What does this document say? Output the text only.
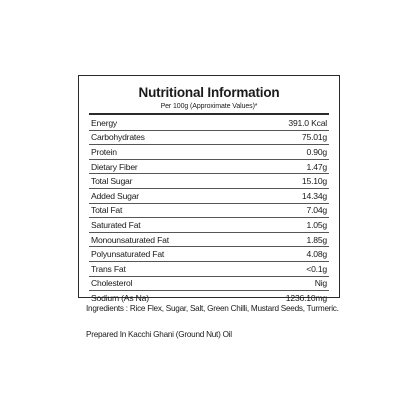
Nutritional Information
Per 100g (Approximate Values)*
Energy	391.0 Kcal
Carbohydrates	75.01g
Protein	0.90g
Dietary Fiber	1.47g
Total Sugar	15.10g
Added Sugar	14.34g
Total Fat	7.04g
Saturated Fat	1.05g
Monounsaturated Fat	1.85g
Polyunsaturated Fat	4.08g
Trans Fat	<0.1g
Cholesterol	Nig
Sodium (As Na)	1236.10mg
Ingredients : Rice Flex, Sugar, Salt, Green Chilli, Mustard Seeds, Turmeric.
Prepared In Kacchi Ghani (Ground Nut) Oil
